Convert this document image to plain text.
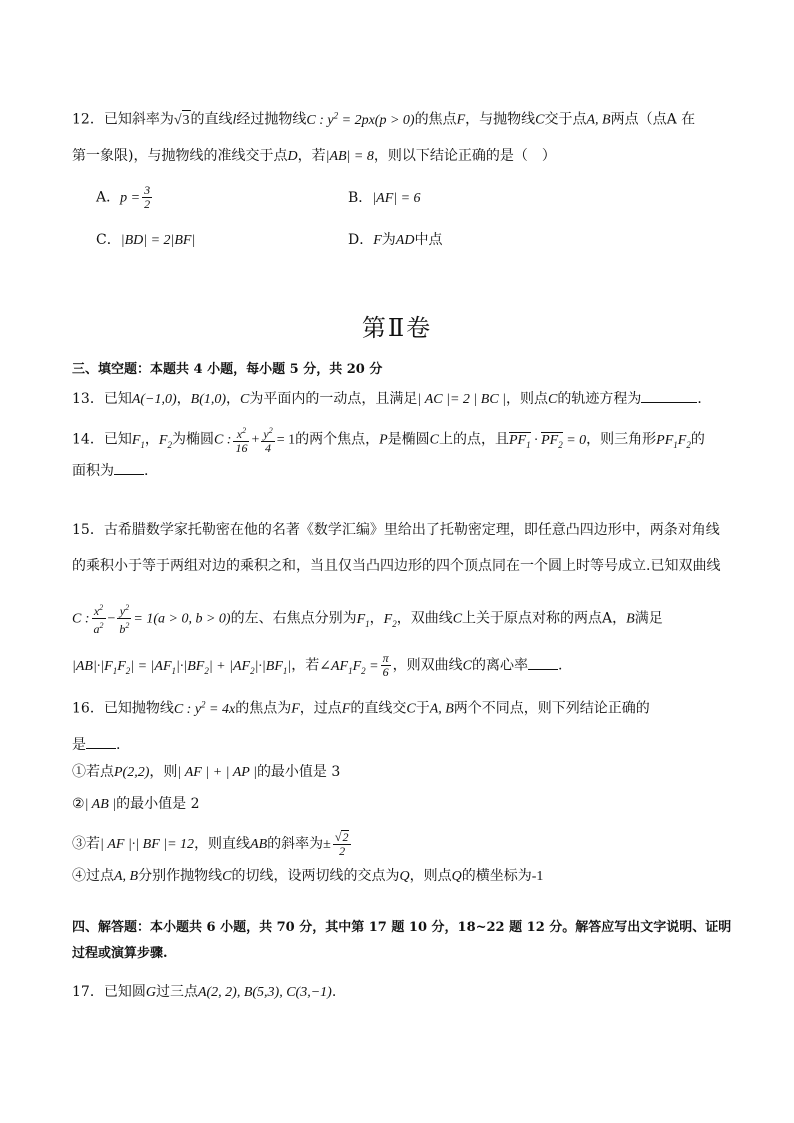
12．已知斜率为√3的直线l经过抛物线C : $y^2 = 2px(p > 0)$的焦点F，与抛物线C交于点A, B两点（点A 在
第一象限)，与抛物线的准线交于点D，若|AB| = 8，则以下结论正确的是（　）
A．$p = \frac{3}{2}$	B．|AF| = 6
C．|BD| = 2|BF|	D．F为AD中点
第Ⅱ卷
三、填空题：本题共 4 小题，每小题 5 分，共 20 分
13．已知A(−1,0)，B(1,0)，C为平面内的一动点，且满足| AC |= 2 | BC |，则点C的轨迹方程为	．
14．已知$F_1$，$F_2$为椭圆C : $\frac{x^2}{16} + \frac{y^2}{4} = 1$的两个焦点，P是椭圆C上的点，且$PF_1 \cdot PF_2 = 0$，则三角形$PF_1F_2$的
面积为 .
15．古希腊数学家托勒密在他的名著《数学汇编》里给出了托勒密定理，即任意凸四边形中，两条对角线
的乘积小于等于两组对边的乘积之和，当且仅当凸四边形的四个顶点同在一个圆上时等号成立.已知双曲线
C : $\frac{x^2}{a^2} - \frac{y^2}{b^2} = 1(a > 0$, b > 0)的左、右焦点分别为$F_1$，$F_2$，双曲线C上关于原点对称的两点A，B满足
$|AB|\cdot|F_1F_2| = |AF_1|\cdot|BF_2| + |AF_2|\cdot|BF_1|$，若$\angle AF_1F_2 = \frac{\pi}{6}$ ，则双曲线C的离心率 .
16．已知抛物线C : $y^2 = 4x$的焦点为F，过点F的直线交C于A, B两个不同点，则下列结论正确的
是 .
①若点P(2,2)，则| AF | + | AP |的最小值是 3
②| AB |的最小值是 2
③若| AF |·| BF |= 12，则直线AB的斜率为± $\frac{√2}{2}$
④过点A, B分别作抛物线C的切线，设两切线的交点为Q，则点Q的横坐标为-1
四、解答题：本小题共 6 小题，共 70 分，其中第 17 题 10 分，18~22 题 12 分。解答应写出文字说明、证明
过程或演算步骤.
17．已知圆G过三点A(2, 2), B(5,3), C(3,−1).
